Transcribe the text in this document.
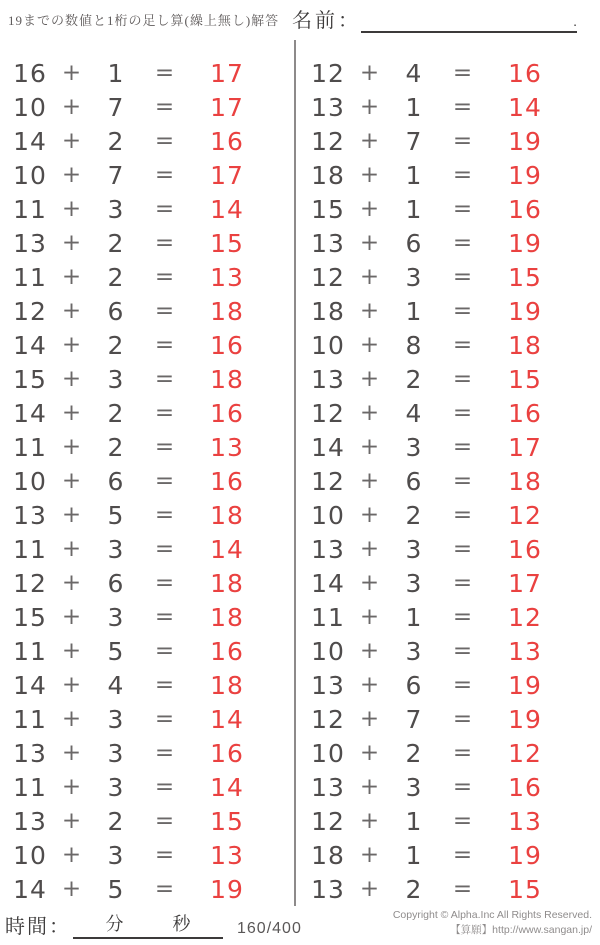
19までの数値と1桁の足し算(繰上無し)解答 名前：	.
16 +	1	=	17
10 +	7	=	17
14 +	2	=	16
10 +	7	=	17
11 +	3	=	14
13 +	2	=	15
11 +	2	=	13
12 +	6	=	18
14 +	2	=	16
15 +	3	=	18
14 +	2	=	16
11 +	2	=	13
10 +	6	=	16
13 +	5	=	18
11 +	3	=	14
12 +	6	=	18
15 +	3	=	18
11 +	5	=	16
14 +	4	=	18
11 +	3	=	14
13 +	3	=	16
11 +	3	=	14
13 +	2	=	15
10 +	3	=	13
14 +	5	=	19
12 +	4	=	16
13 +	1	=	14
12 +	7	=	19
18 +	1	=	19
15 +	1	=	16
13 +	6	=	19
12 +	3	=	15
18 +	1	=	19
10 +	8	=	18
13 +	2	=	15
12 +	4	=	16
14 +	3	=	17
12 +	6	=	18
10 +	2	=	12
13 +	3	=	16
14 +	3	=	17
11 +	1	=	12
10 +	3	=	13
13 +	6	=	19
12 +	7	=	19
10 +	2	=	12
13 +	3	=	16
12 +	1	=	13
18 +	1	=	19
13 +	2	=	15
時間： 分	秒	160/400
Copyright © Alpha.Inc All Rights Reserved.
【算願】http://www.sangan.jp/
